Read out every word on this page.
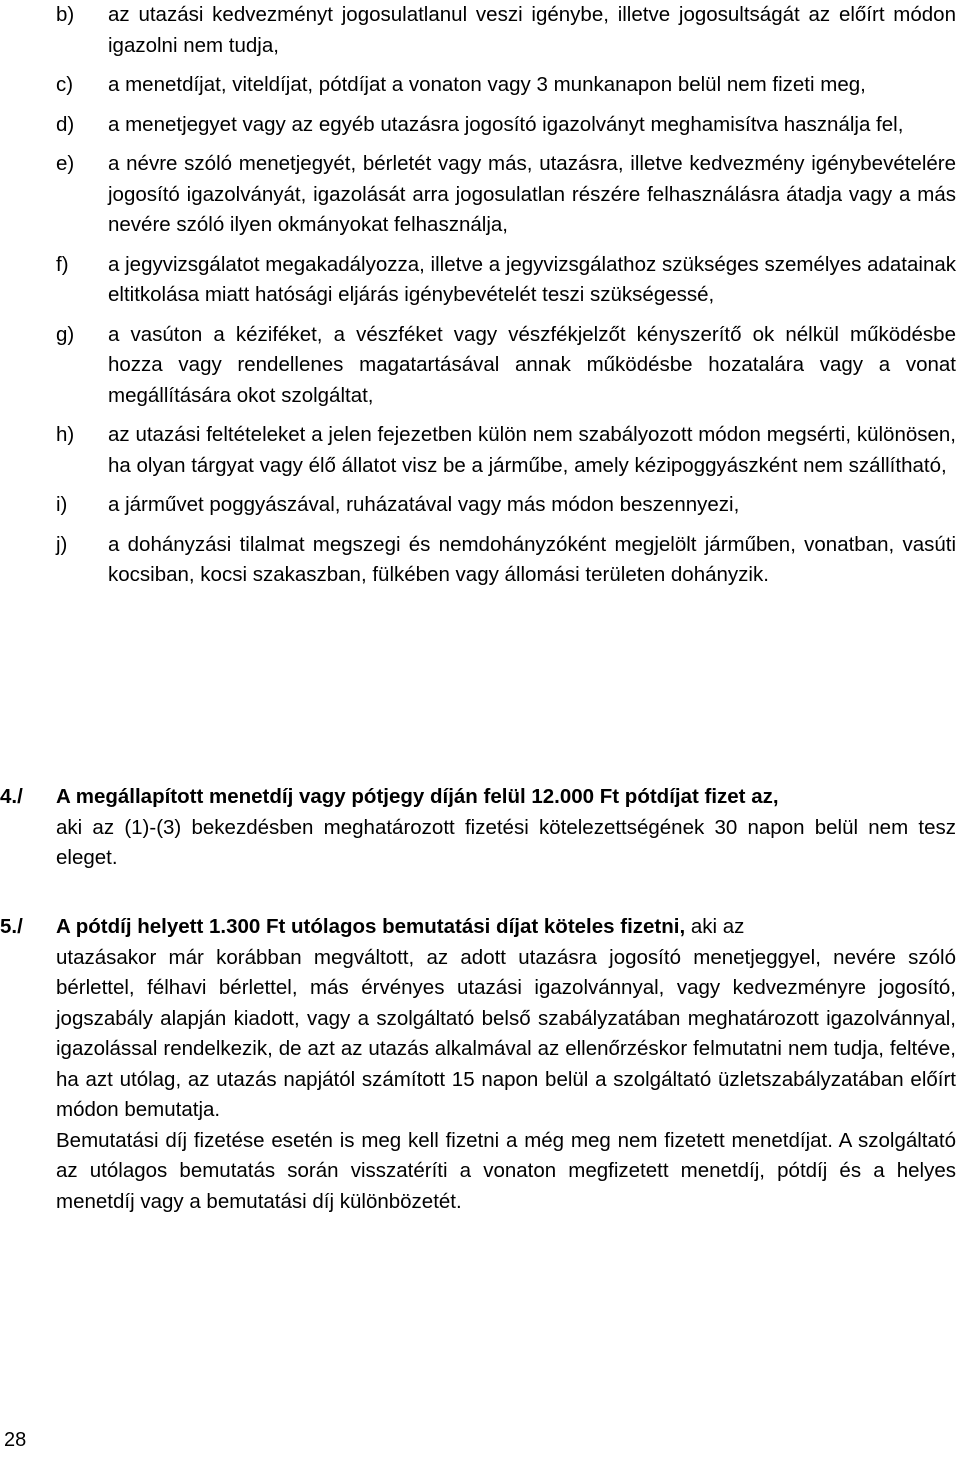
b)	az utazási kedvezményt jogosulatlanul veszi igénybe, illetve jogosultságát az előírt módon igazolni nem tudja,
c)	a menetdíjat, viteldíjat, pótdíjat a vonaton vagy 3 munkanapon belül nem fizeti meg,
d)	a menetjegyet vagy az egyéb utazásra jogosító igazolványt meghamisítva használja fel,
e)	a névre szóló menetjegyét, bérletét vagy más, utazásra, illetve kedvezmény igénybevételére jogosító igazolványát, igazolását arra jogosulatlan részére felhasználásra átadja vagy a más nevére szóló ilyen okmányokat felhasználja,
f)	a jegyvizsgálatot megakadályozza, illetve a jegyvizsgálathoz szükséges személyes adatainak eltitkolása miatt hatósági eljárás igénybevételét teszi szükségessé,
g)	a vasúton a kéziféket, a vészféket vagy vészfékjelzőt kényszerítő ok nélkül működésbe hozza vagy rendellenes magatartásával annak működésbe hozatalára vagy a vonat megállítására okot szolgáltat,
h)	az utazási feltételeket a jelen fejezetben külön nem szabályozott módon megsérti, különösen, ha olyan tárgyat vagy élő állatot visz be a járműbe, amely kézipoggyászként nem szállítható,
i)	a járművet poggyászával, ruházatával vagy más módon beszennyezi,
j)	a dohányzási tilalmat megszegi és nemdohányzóként megjelölt járműben, vonatban, vasúti kocsiban, kocsi szakaszban, fülkében vagy állomási területen dohányzik.
4./ A megállapított menetdíj vagy pótjegy díján felül 12.000 Ft pótdíjat fizet az,
aki az (1)-(3) bekezdésben meghatározott fizetési kötelezettségének 30 napon belül nem tesz eleget.
5./ A pótdíj helyett 1.300 Ft utólagos bemutatási díjat köteles fizetni, aki az
utazásakor már korábban megváltott, az adott utazásra jogosító menetjeggyel, nevére szóló bérlettel, félhavi bérlettel, más érvényes utazási igazolvánnyal, vagy kedvezményre jogosító, jogszabály alapján kiadott, vagy a szolgáltató belső szabályzatában meghatározott igazolvánnyal, igazolással rendelkezik, de azt az utazás alkalmával az ellenőrzéskor felmutatni nem tudja, feltéve, ha azt utólag, az utazás napjától számított 15 napon belül a szolgáltató üzletszabályzatában előírt módon bemutatja.
Bemutatási díj fizetése esetén is meg kell fizetni a még meg nem fizetett menetdíjat. A szolgáltató az utólagos bemutatás során visszatéríti a vonaton megfizetett menetdíj, pótdíj és a helyes menetdíj vagy a bemutatási díj különbözetét.
28
